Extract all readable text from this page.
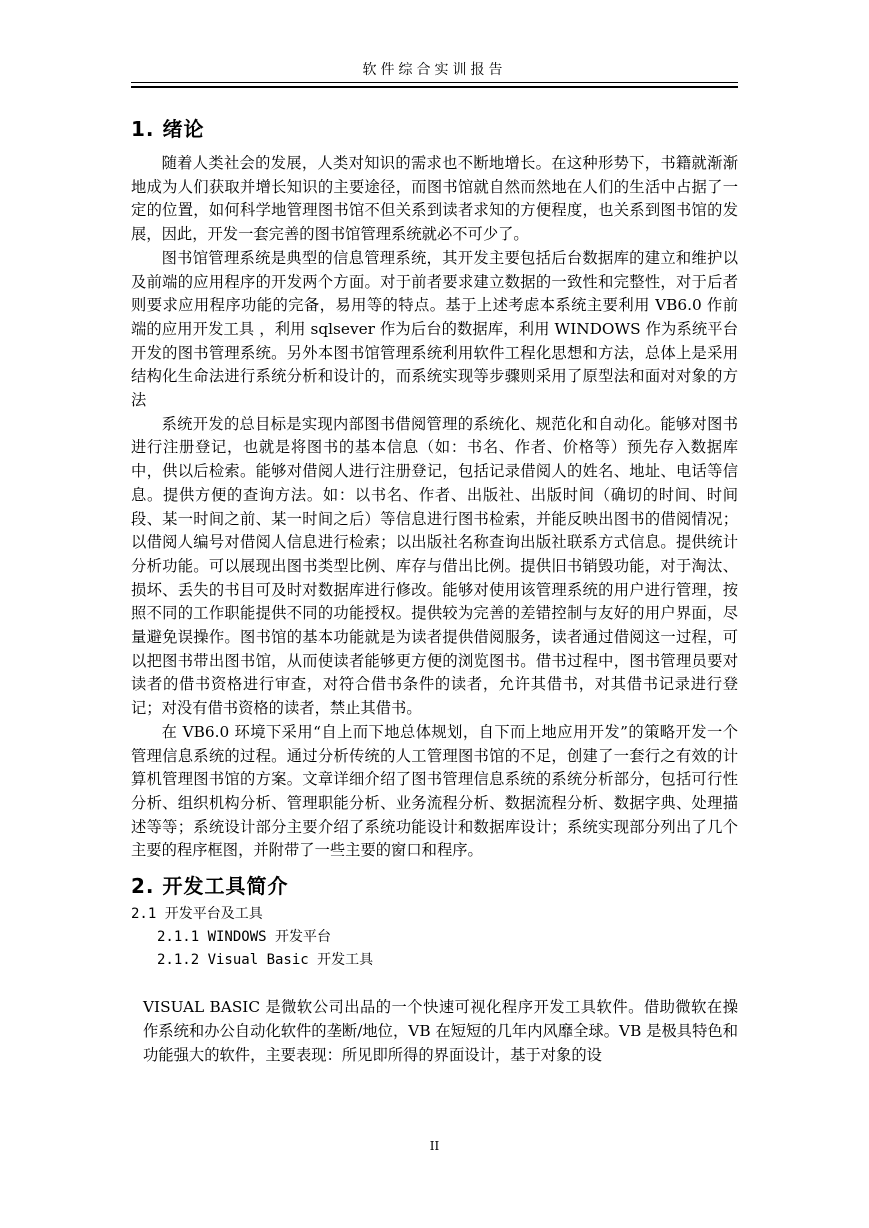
软件综合实训报告
1. 绪论

随着人类社会的发展，人类对知识的需求也不断地增长。在这种形势下，书籍就渐渐地成为人们获取并增长知识的主要途径，而图书馆就自然而然地在人们的生活中占据了一定的位置，如何科学地管理图书馆不但关系到读者求知的方便程度，也关系到图书馆的发展，因此，开发一套完善的图书馆管理系统就必不可少了。

图书馆管理系统是典型的信息管理系统，其开发主要包括后台数据库的建立和维护以及前端的应用程序的开发两个方面。对于前者要求建立数据的一致性和完整性，对于后者则要求应用程序功能的完备，易用等的特点。基于上述考虑本系统主要利用 VB6.0 作前端的应用开发工具 ，利用 sqlsever 作为后台的数据库，利用 WINDOWS 作为系统平台开发的图书管理系统。另外本图书馆管理系统利用软件工程化思想和方法，总体上是采用结构化生命法进行系统分析和设计的，而系统实现等步骤则采用了原型法和面对对象的方法

系统开发的总目标是实现内部图书借阅管理的系统化、规范化和自动化。能够对图书进行注册登记，也就是将图书的基本信息（如：书名、作者、价格等）预先存入数据库中，供以后检索。能够对借阅人进行注册登记，包括记录借阅人的姓名、地址、电话等信息。提供方便的查询方法。如：以书名、作者、出版社、出版时间（确切的时间、时间段、某一时间之前、某一时间之后）等信息进行图书检索，并能反映出图书的借阅情况；以借阅人编号对借阅人信息进行检索；以出版社名称查询出版社联系方式信息。提供统计分析功能。可以展现出图书类型比例、库存与借出比例。提供旧书销毁功能，对于淘汰、损坏、丢失的书目可及时对数据库进行修改。能够对使用该管理系统的用户进行管理，按照不同的工作职能提供不同的功能授权。提供较为完善的差错控制与友好的用户界面，尽量避免误操作。图书馆的基本功能就是为读者提供借阅服务，读者通过借阅这一过程，可以把图书带出图书馆，从而使读者能够更方便的浏览图书。借书过程中，图书管理员要对读者的借书资格进行审查，对符合借书条件的读者，允许其借书，对其借书记录进行登记；对没有借书资格的读者，禁止其借书。

在 VB6.0 环境下采用“自上而下地总体规划，自下而上地应用开发”的策略开发一个管理信息系统的过程。通过分析传统的人工管理图书馆的不足，创建了一套行之有效的计算机管理图书馆的方案。文章详细介绍了图书管理信息系统的系统分析部分，包括可行性分析、组织机构分析、管理职能分析、业务流程分析、数据流程分析、数据字典、处理描述等等；系统设计部分主要介绍了系统功能设计和数据库设计；系统实现部分列出了几个主要的程序框图，并附带了一些主要的窗口和程序。

2. 开发工具简介
2.1 开发平台及工具
2.1.1 WINDOWS 开发平台
2.1.2 Visual Basic 开发工具

VISUAL BASIC 是微软公司出品的一个快速可视化程序开发工具软件。借助微软在操作系统和办公自动化软件的垄断/地位，VB 在短短的几年内风靡全球。VB 是极具特色和功能强大的软件，主要表现：所见即所得的界面设计，基于对象的设

II
